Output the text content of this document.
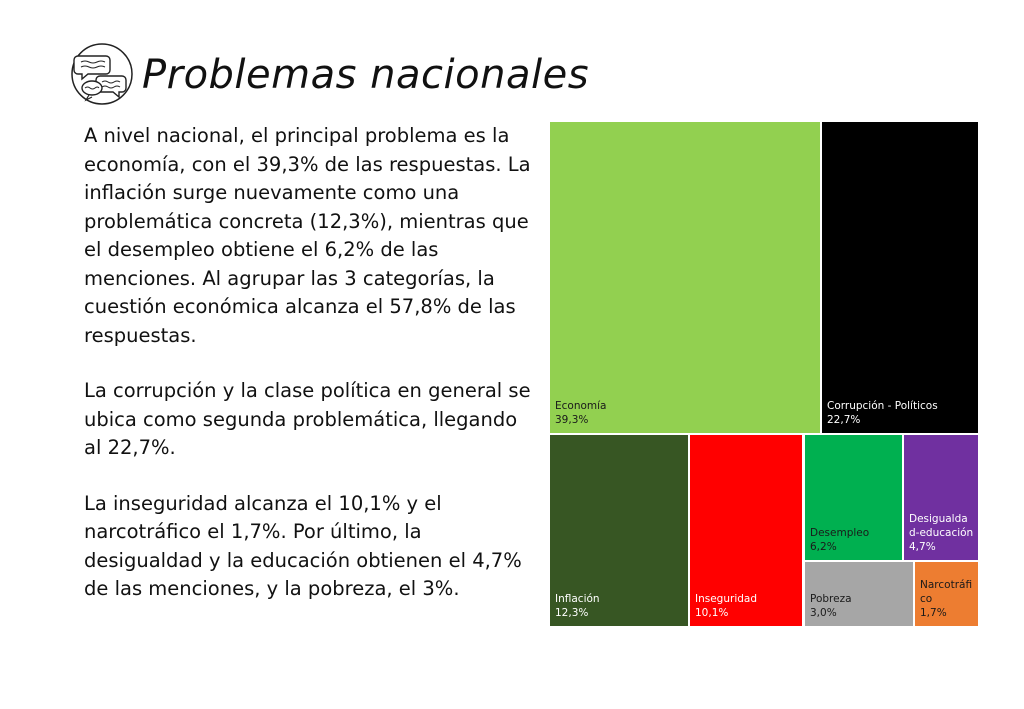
Problemas nacionales

A nivel nacional, el principal problema es la economía, con el 39,3% de las respuestas. La inflación surge nuevamente como una problemática concreta (12,3%), mientras que el desempleo obtiene el 6,2% de las menciones. Al agrupar las 3 categorías, la cuestión económica alcanza el 57,8% de las respuestas.

La corrupción y la clase política en general se ubica como segunda problemática, llegando al 22,7%.

La inseguridad alcanza el 10,1% y el narcotráfico el 1,7%. Por último, la desigualdad y la educación obtienen el 4,7% de las menciones, y la pobreza, el 3%.

Economía
39,3%
Corrupción - Políticos
22,7%
Inflación
12,3%
Inseguridad
10,1%
Desempleo
6,2%
Desigualdad-educación
4,7%
Pobreza
3,0%
Narcotráfico
1,7%
